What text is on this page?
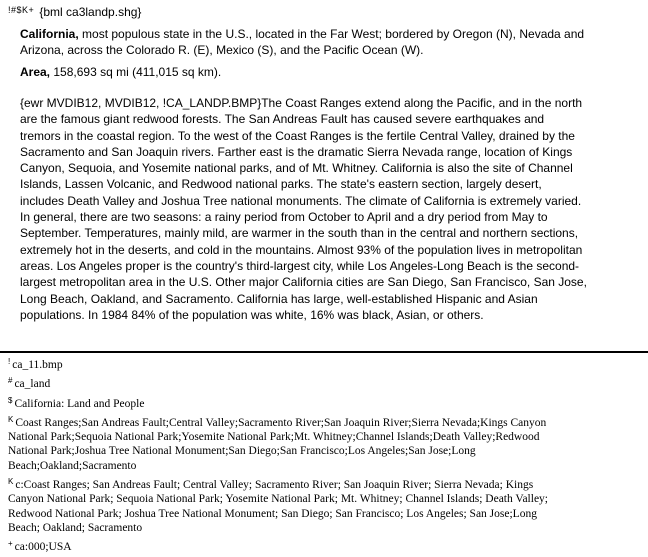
$^{!\#\$K+}$ {bml ca3landp.shg}

California, most populous state in the U.S., located in the Far West; bordered by Oregon (N), Nevada and Arizona, across the Colorado R. (E), Mexico (S), and the Pacific Ocean (W).

Area, 158,693 sq mi (411,015 sq km).

{ewr MVDIB12, MVDIB12, !CA_LANDP.BMP}The Coast Ranges extend along the Pacific, and in the north are the famous giant redwood forests. The San Andreas Fault has caused severe earthquakes and tremors in the coastal region. To the west of the Coast Ranges is the fertile Central Valley, drained by the Sacramento and San Joaquin rivers. Farther east is the dramatic Sierra Nevada range, location of Kings Canyon, Sequoia, and Yosemite national parks, and of Mt. Whitney. California is also the site of Channel Islands, Lassen Volcanic, and Redwood national parks. The state's eastern section, largely desert, includes Death Valley and Joshua Tree national monuments. The climate of California is extremely varied. In general, there are two seasons: a rainy period from October to April and a dry period from May to September. Temperatures, mainly mild, are warmer in the south than in the central and northern sections, extremely hot in the deserts, and cold in the mountains. Almost 93% of the population lives in metropolitan areas. Los Angeles proper is the country's third-largest city, while Los Angeles-Long Beach is the second-largest metropolitan area in the U.S. Other major California cities are San Diego, San Francisco, San Jose, Long Beach, Oakland, and Sacramento. California has large, well-established Hispanic and Asian populations. In 1984 84% of the population was white, 16% was black, Asian, or others.

! ca_11.bmp

# ca_land

$ California: Land and People

$^K$ Coast Ranges;San Andreas Fault;Central Valley;Sacramento River;San Joaquin River;Sierra Nevada;Kings Canyon National Park;Sequoia National Park;Yosemite National Park;Mt. Whitney;Channel Islands;Death Valley;Redwood National Park;Joshua Tree National Monument;San Diego;San Francisco;Los Angeles;San Jose;Long Beach;Oakland;Sacramento

$^K$ c:Coast Ranges; San Andreas Fault; Central Valley; Sacramento River; San Joaquin River; Sierra Nevada; Kings Canyon National Park; Sequoia National Park; Yosemite National Park; Mt. Whitney; Channel Islands; Death Valley; Redwood National Park; Joshua Tree National Monument; San Diego; San Francisco; Los Angeles; San Jose;Long Beach; Oakland; Sacramento

+ ca:000;USA
